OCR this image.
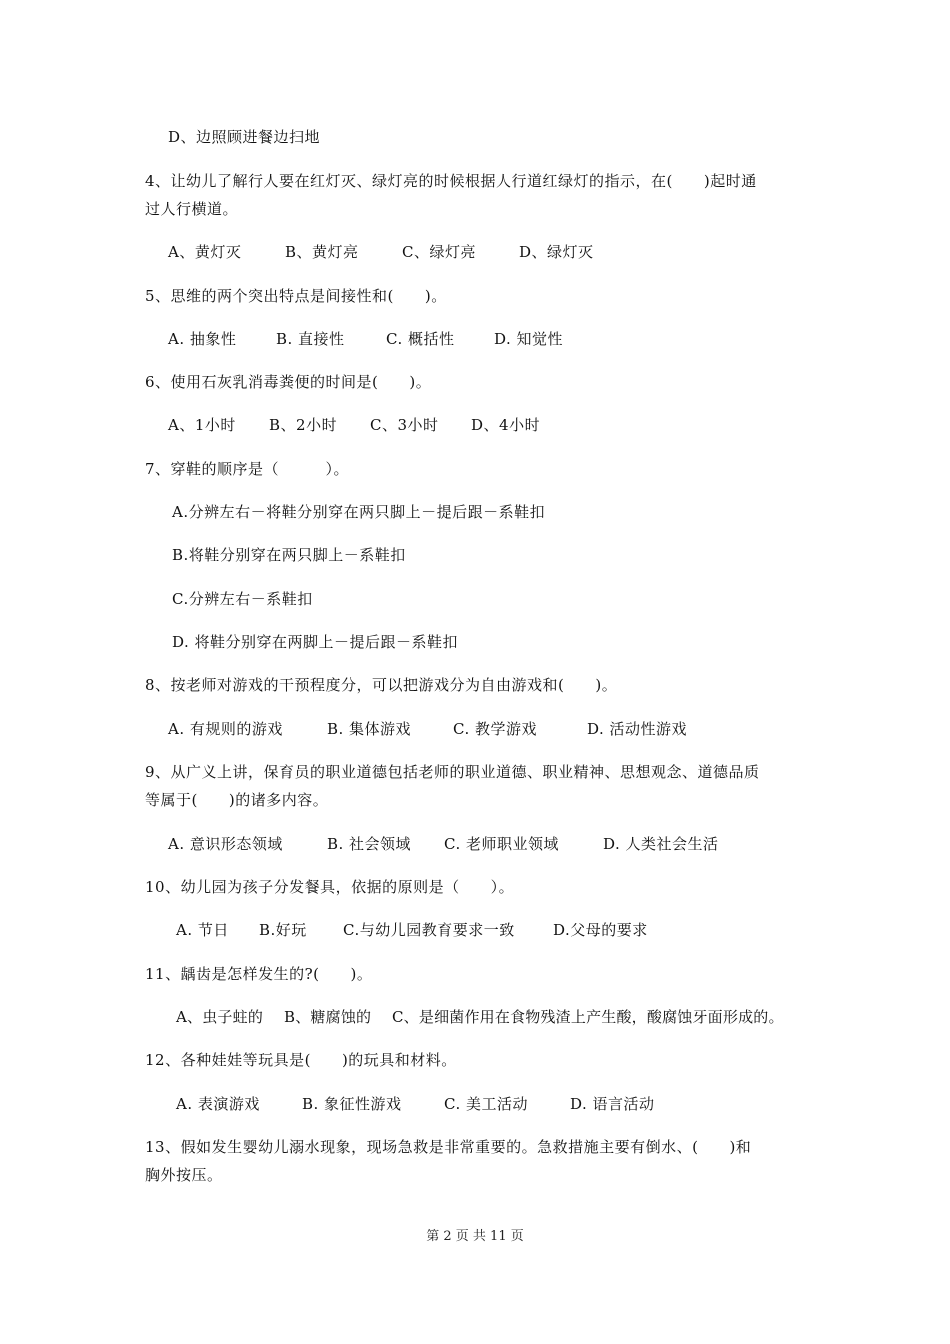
D、边照顾进餐边扫地
4、让幼儿了解行人要在红灯灭、绿灯亮的时候根据人行道红绿灯的指示，在(　　)起时通
过人行横道。
A、黄灯灭	B、黄灯亮	C、绿灯亮	D、绿灯灭
5、思维的两个突出特点是间接性和(　　)。
A. 抽象性	B. 直接性	C. 概括性	D. 知觉性
6、使用石灰乳消毒粪便的时间是(　　)。
A、1小时 B、2小时 C、3小时 D、4小时
7、穿鞋的顺序是（　　　）。
A.分辨左右－将鞋分别穿在两只脚上－提后跟－系鞋扣
B.将鞋分别穿在两只脚上－系鞋扣
C.分辨左右－系鞋扣
D. 将鞋分别穿在两脚上－提后跟－系鞋扣
8、按老师对游戏的干预程度分，可以把游戏分为自由游戏和(　　)。
A. 有规则的游戏	B. 集体游戏	C. 教学游戏	D. 活动性游戏
9、从广义上讲，保育员的职业道德包括老师的职业道德、职业精神、思想观念、道德品质
等属于(　　)的诸多内容。
A. 意识形态领域	B. 社会领域 C. 老师职业领域	D. 人类社会生活
10、幼儿园为孩子分发餐具，依据的原则是（　　）。
A. 节日 B.好玩 C.与幼儿园教育要求一致	D.父母的要求
11、龋齿是怎样发生的?(　　)。
A、虫子蛀的 B、糖腐蚀的 C、是细菌作用在食物残渣上产生酸，酸腐蚀牙面形成的。
12、各种娃娃等玩具是(　　)的玩具和材料。
A. 表演游戏	B. 象征性游戏	C. 美工活动	D. 语言活动
13、假如发生婴幼儿溺水现象，现场急救是非常重要的。急救措施主要有倒水、(　　)和
胸外按压。
第 2 页 共 11 页
